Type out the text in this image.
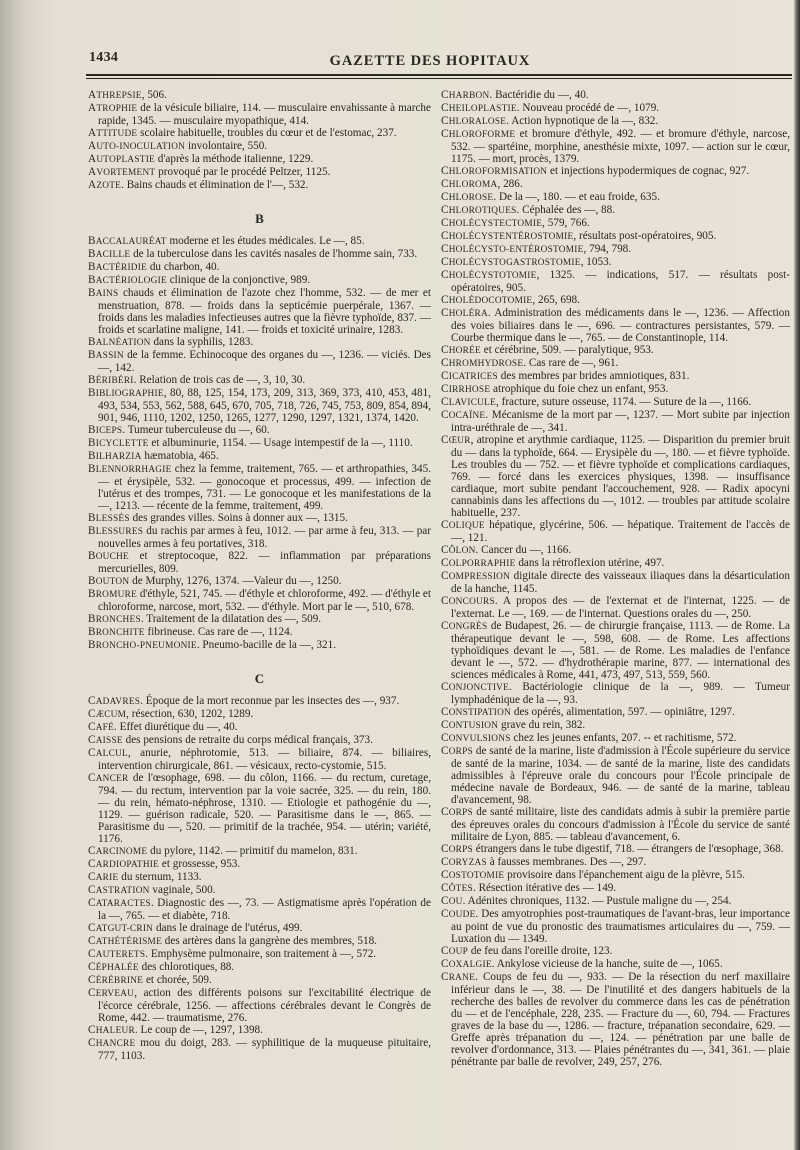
1434	GAZETTE DES HOPITAUX

ATHREPSIE, 506.

ATROPHIE de la vésicule biliaire, 114. — musculaire envahissante à marche rapide, 1345. — musculaire myopathique, 414.

ATTITUDE scolaire habituelle, troubles du cœur et de l'estomac, 237.

AUTO-INOCULATION involontaire, 550.

AUTOPLASTIE d'après la méthode italienne, 1229.

AVORTEMENT provoqué par le procédé Peltzer, 1125.

AZOTE. Bains chauds et élimination de l'—, 532.

B

BACCALAURÉAT moderne et les études médicales. Le —, 85.

BACILLE de la tuberculose dans les cavités nasales de l'homme sain, 733.

BACTÉRIDIE du charbon, 40.

BACTÉRIOLOGIE clinique de la conjonctive, 989.

BAINS chauds et élimination de l'azote chez l'homme, 532. — de mer et menstruation, 878. — froids dans la septicémie puerpérale, 1367. — froids dans les maladies infectieuses autres que la fièvre typhoïde, 837. — froids et scarlatine maligne, 141. — froids et toxicité urinaire, 1283.

BALNÉATION dans la syphilis, 1283.

BASSIN de la femme. Echinocoque des organes du —, 1236. — viciés. Des —, 142.

BÉRIBÉRI. Relation de trois cas de —, 3, 10, 30.

BIBLIOGRAPHIE, 80, 88, 125, 154, 173, 209, 313, 369, 373, 410, 453, 481, 493, 534, 553, 562, 588, 645, 670, 705, 718, 726, 745, 753, 809, 854, 894, 901, 946, 1110, 1202, 1250, 1265, 1277, 1290, 1297, 1321, 1374, 1420.

BICEPS. Tumeur tuberculeuse du —, 60.

BICYCLETTE et albuminurie, 1154. — Usage intempestif de la —, 1110.

BILHARZIA hæmatobia, 465.

BLENNORRHAGIE chez la femme, traitement, 765. — et arthropathies, 345. — et érysipèle, 532. — gonocoque et processus, 499. — infection de l'utérus et des trompes, 731. — Le gonocoque et les manifestations de la —, 1213. — récente de la femme, traitement, 499.

BLESSÉS des grandes villes. Soins à donner aux —, 1315.

BLESSURES du rachis par armes à feu, 1012. — par arme à feu, 313. — par nouvelles armes à feu portatives, 318.

BOUCHE et streptocoque, 822. — inflammation par préparations mercurielles, 809.

BOUTON de Murphy, 1276, 1374. —Valeur du —, 1250.

BROMURE d'éthyle, 521, 745. — d'éthyle et chloroforme, 492. — d'éthyle et chloroforme, narcose, mort, 532. — d'éthyle. Mort par le —, 510, 678.

BRONCHES. Traitement de la dilatation des —, 509.

BRONCHITE fibrineuse. Cas rare de —, 1124.

BRONCHO-PNEUMONIE. Pneumo-bacille de la —, 321.

C

CADAVRES. Époque de la mort reconnue par les insectes des —, 937.

CÆCUM, résection, 630, 1202, 1289.

CAFÉ. Effet diurétique du —, 40.

CAISSE des pensions de retraite du corps médical français, 373.

CALCUL, anurie, néphrotomie, 513. — biliaire, 874. — biliaires, intervention chirurgicale, 861. — vésicaux, recto-cystomie, 515.

CANCER de l'œsophage, 698. — du côlon, 1166. — du rectum, curetage, 794. — du rectum, intervention par la voie sacrée, 325. — du rein, 180. — du rein, hémato-néphrose, 1310. — Etiologie et pathogénie du —, 1129. — guérison radicale, 520. — Parasitisme dans le —, 865. — Parasitisme du —, 520. — primitif de la trachée, 954. — utérin; variété, 1176.

CARCINOME du pylore, 1142. — primitif du mamelon, 831.

CARDIOPATHIE et grossesse, 953.

CARIE du sternum, 1133.

CASTRATION vaginale, 500.

CATARACTES. Diagnostic des —, 73. — Astigmatisme après l'opération de la —, 765. — et diabète, 718.

CATGUT-CRIN dans le drainage de l'utérus, 499.

CATHÉTÉRISME des artères dans la gangrène des membres, 518.

CAUTERETS. Emphysème pulmonaire, son traitement à —, 572.

CÉPHALÉE des chlorotiques, 88.

CÉRÉBRINE et chorée, 509.

CERVEAU, action des différents poisons sur l'excitabilité électrique de l'écorce cérébrale, 1256. — affections cérébrales devant le Congrès de Rome, 442. — traumatisme, 276.

CHALEUR. Le coup de —, 1297, 1398.

CHANCRE mou du doigt, 283. — syphilitique de la muqueuse pituitaire, 777, 1103.

CHARBON. Bactéridie du —, 40.

CHEILOPLASTIE. Nouveau procédé de —, 1079.

CHLORALOSE. Action hypnotique de la —, 832.

CHLOROFORME et bromure d'éthyle, 492. — et bromure d'éthyle, narcose, 532. — spartéine, morphine, anesthésie mixte, 1097. — action sur le cœur, 1175. — mort, procès, 1379.

CHLOROFORMISATION et injections hypodermiques de cognac, 927.

CHLOROMA, 286.

CHLOROSE. De la —, 180. — et eau froide, 635.

CHLOROTIQUES. Céphalée des —, 88.

CHOLÉCYSTECTOMIE, 579, 766.

CHOLÉCYSTENTÉROSTOMIE, résultats post-opératoires, 905.

CHOLÉCYSTO-ENTÉROSTOMIE, 794, 798.

CHOLÉCYSTOGASTROSTOMIE, 1053.

CHOLÉCYSTOTOMIE, 1325. — indications, 517. — résultats post-opératoires, 905.

CHOLÉDOCOTOMIE, 265, 698.

CHOLÉRA. Administration des médicaments dans le —, 1236. — Affection des voies biliaires dans le —, 696. — contractures persistantes, 579. — Courbe thermique dans le —, 765. — de Constantinople, 114.

CHORÉE et cérébrine, 509. — paralytique, 953.

CHROMHYDROSE. Cas rare de —, 961.

CICATRICES des membres par brides amniotiques, 831.

CIRRHOSE atrophique du foie chez un enfant, 953.

CLAVICULE, fracture, suture osseuse, 1174. — Suture de la —, 1166.

COCAÏNE. Mécanisme de la mort par —, 1237. — Mort subite par injection intra-uréthrale de —, 341.

CŒUR, atropine et arythmie cardiaque, 1125. — Disparition du premier bruit du — dans la typhoïde, 664. — Erysipèle du —, 180. — et fièvre typhoïde. Les troubles du — 752. — et fièvre typhoïde et complications cardiaques, 769. — forcé dans les exercices physiques, 1398. — insuffisance cardiaque, mort subite pendant l'accouchement, 928. — Radix apocyni cannabinis dans les affections du —, 1012. — troubles par attitude scolaire habituelle, 237.

COLIQUE hépatique, glycérine, 506. — hépatique. Traitement de l'accès de —, 121.

CÔLON. Cancer du —, 1166.

COLPORRAPHIE dans la rétroflexion utérine, 497.

COMPRESSION digitale directe des vaisseaux iliaques dans la désarticulation de la hanche, 1145.

CONCOURS. A propos des — de l'externat et de l'internat, 1225. — de l'externat. Le —, 169. — de l'internat. Questions orales du —, 250.

CONGRÈS de Budapest, 26. — de chirurgie française, 1113. — de Rome. La thérapeutique devant le —, 598, 608. — de Rome. Les affections typhoïdiques devant le —, 581. — de Rome. Les maladies de l'enfance devant le —, 572. — d'hydrothérapie marine, 877. — international des sciences médicales à Rome, 441, 473, 497, 513, 559, 560.

CONJONCTIVE. Bactériologie clinique de la —, 989. — Tumeur lymphadénique de la —, 93.

CONSTIPATION des opérés, alimentation, 597. — opiniâtre, 1297.

CONTUSION grave du rein, 382.

CONVULSIONS chez les jeunes enfants, 207. -- et rachitisme, 572.

CORPS de santé de la marine, liste d'admission à l'École supérieure du service de santé de la marine, 1034. — de santé de la marine, liste des candidats admissibles à l'épreuve orale du concours pour l'École principale de médecine navale de Bordeaux, 946. — de santé de la marine, tableau d'avancement, 98.

CORPS de santé militaire, liste des candidats admis à subir la première partie des épreuves orales du concours d'admission à l'École du service de santé militaire de Lyon, 885. — tableau d'avancement, 6.

CORPS étrangers dans le tube digestif, 718. — étrangers de l'œsophage, 368.

CORYZAS à fausses membranes. Des —, 297.

COSTOTOMIE provisoire dans l'épanchement aigu de la plèvre, 515.

CÔTES. Résection itérative des — 149.

COU. Adénites chroniques, 1132. — Pustule maligne du —, 254.

COUDE. Des amyotrophies post-traumatiques de l'avant-bras, leur importance au point de vue du pronostic des traumatismes articulaires du —, 759. — Luxation du — 1349.

COUP de feu dans l'oreille droite, 123.

COXALGIE. Ankylose vicieuse de la hanche, suite de —, 1065.

CRANE. Coups de feu du —, 933. — De la résection du nerf maxillaire inférieur dans le —, 38. — De l'inutilité et des dangers habituels de la recherche des balles de revolver du commerce dans les cas de pénétration du — et de l'encéphale, 228, 235. — Fracture du —, 60, 794. — Fractures graves de la base du —, 1286. — fracture, trépanation secondaire, 629. — Greffe après trépanation du —, 124. — pénétration par une balle de revolver d'ordonnance, 313. — Plaies pénétrantes du —, 341, 361. — plaie pénétrante par balle de revolver, 249, 257, 276.
